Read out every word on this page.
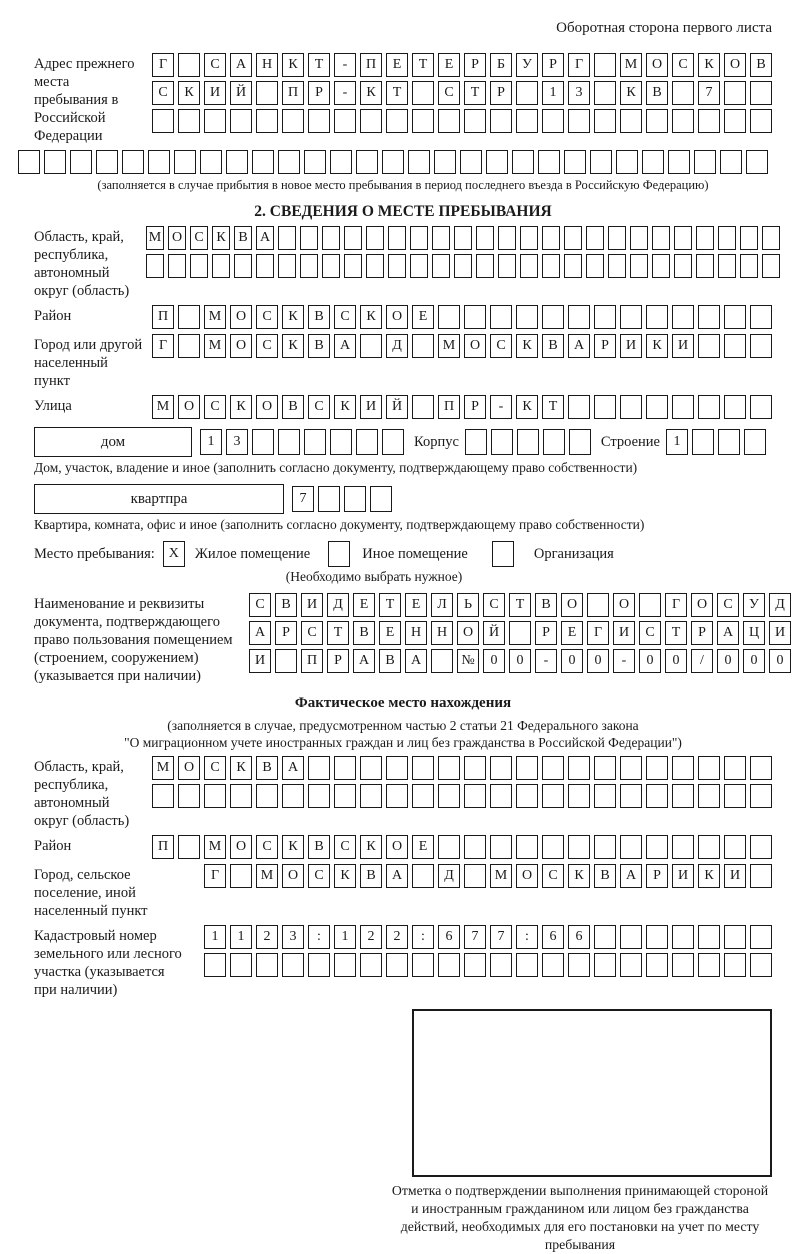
Оборотная сторона первого листа
Адрес прежнего места пребывания в Российской Федерации
Г	С	А	Н	К	Т	-	П	Е	Т	Е	Р	Б	У	Р	Г	М	О	С	К	О	В
С	К	И	Й	П	Р	-	К	Т	С	Т	Р	1	3	К	В	7
(заполняется в случае прибытия в новое место пребывания в период последнего въезда в Российскую Федерацию)
2. СВЕДЕНИЯ О МЕСТЕ ПРЕБЫВАНИЯ
Область, край, республика, автономный округ (область)
М О С К В А
Район	П	М	О	С	К	В	С	К	О	Е
Город или другой населенный пункт
Г	М	О	С	К	В	А	Д	М	О	С	К	В	А	Р	И	К	И
Улица	М	О	С	К	О	В	С	К	И	Й	П	Р	-	К	Т
дом	1	3	Корпус	Строение 1
Дом, участок, владение и иное (заполнить согласно документу, подтверждающему право собственности)
квартпра	7
Квартира, комната, офис и иное (заполнить согласно документу, подтверждающему право собственности)
Место пребывания: X	Жилое помещение	Иное помещение	Организация
(Необходимо выбрать нужное)
Наименование и реквизиты документа, подтверждающего право пользования помещением (строением, сооружением) (указывается при наличии)
С	В	И	Д	Е	Т	Е	Л	Ь	С	Т	В	О	О	Г	О	С	У	Д
А	Р	С	Т	В	Е	Н	Н	О	Й	Р	Е	Г	И	С	Т	Р	А	Ц	И
И	П	Р	А	В	А	№	0	0	-	0	0	-	0	0	/	0	0	0
Фактическое место нахождения
(заполняется в случае, предусмотренном частью 2 статьи 21 Федерального закона
"О миграционном учете иностранных граждан и лиц без гражданства в Российской Федерации")
Область, край, республика, автономный округ (область)
М	О	С	К	В	А
Район	П	М	О	С	К	В	С	К	О	Е
Город, сельское поселение, иной населенный пункт
Г	М	О	С	К	В	А	Д	М	О	С	К	В	А	Р	И	К	И
Кадастровый номер земельного или лесного участка (указывается при наличии)
1	1	2	3	:	1	2	2	:	6	7	7	:	6	6
Отметка о подтверждении выполнения принимающей стороной и иностранным гражданином или лицом без гражданства действий, необходимых для его постановки на учет по месту пребывания
